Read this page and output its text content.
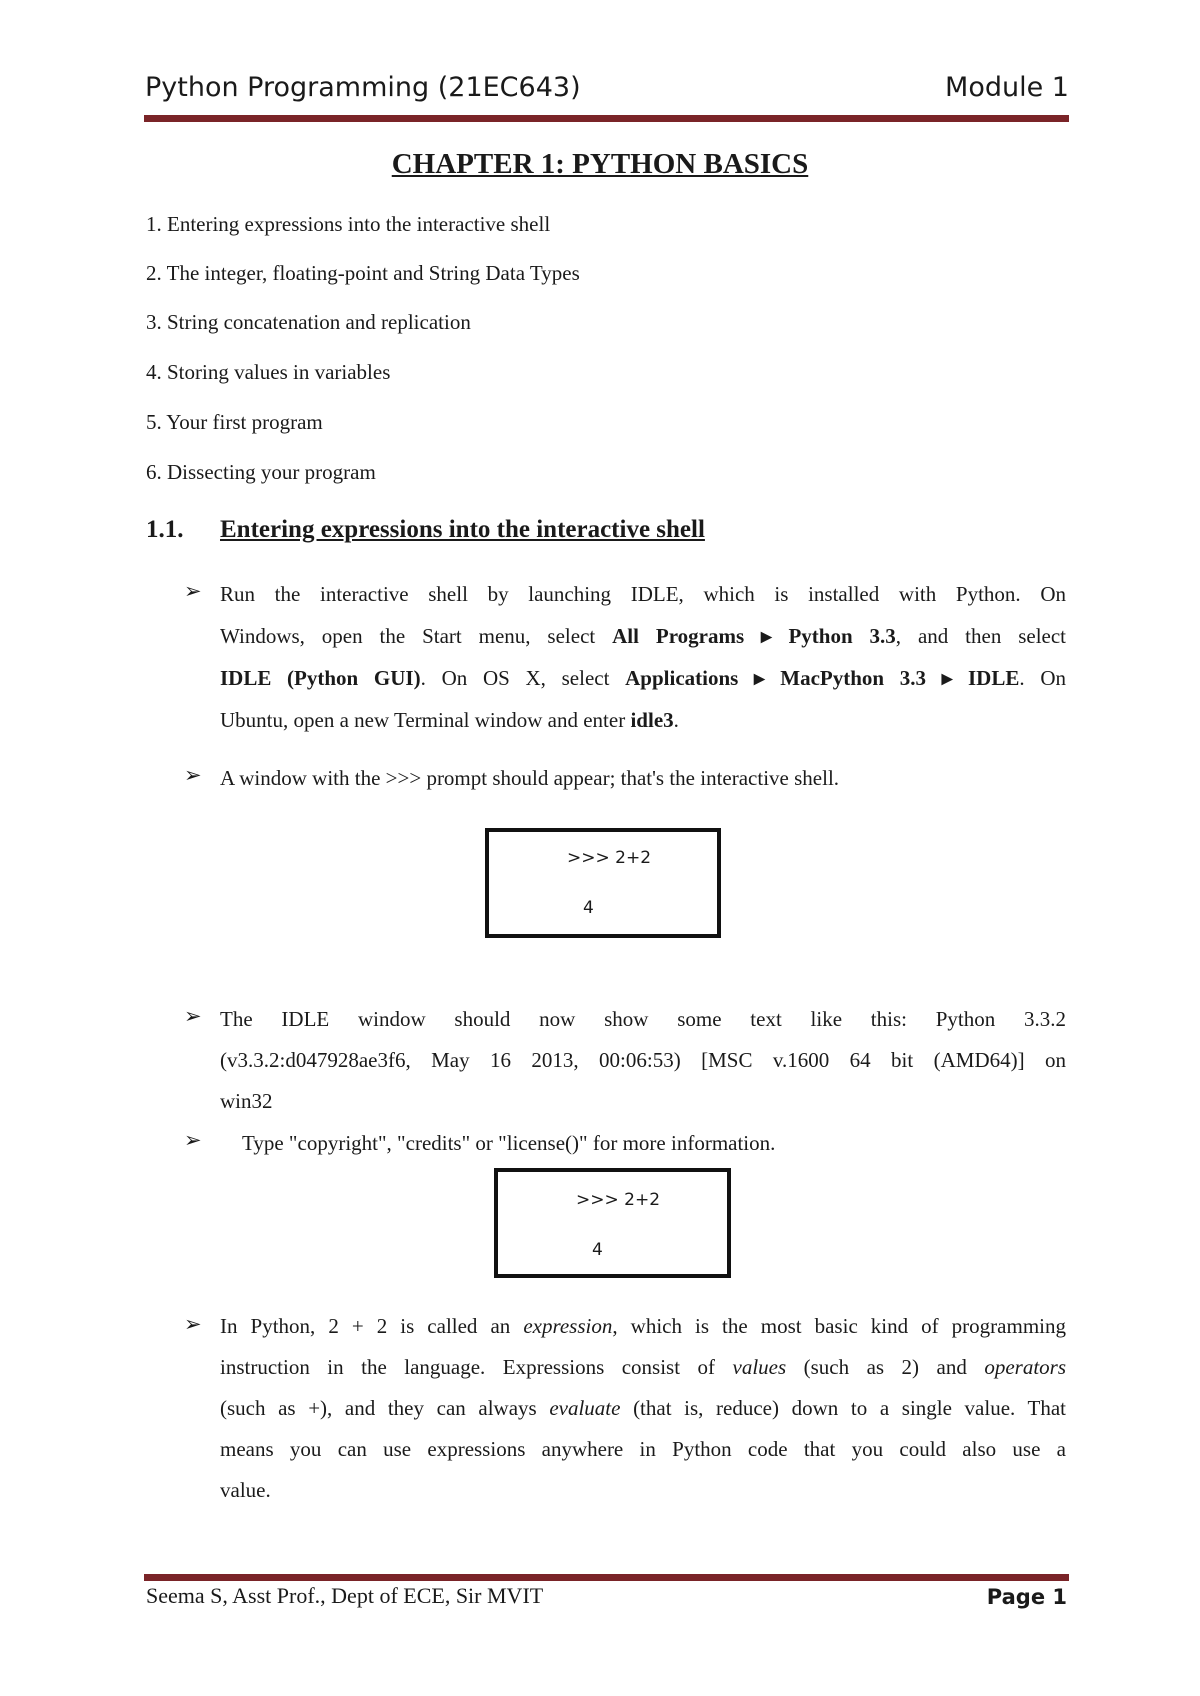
Python Programming (21EC643)	Module 1
CHAPTER 1: PYTHON BASICS
1. Entering expressions into the interactive shell
2. The integer, floating-point and String Data Types
3. String concatenation and replication
4. Storing values in variables
5. Your first program
6. Dissecting your program
1.1. Entering expressions into the interactive shell
➢ Run the interactive shell by launching IDLE, which is installed with Python. On
Windows, open the Start menu, select All Programs ▸ Python 3.3, and then select
IDLE (Python GUI). On OS X, select Applications ▸ MacPython 3.3 ▸ IDLE. On
Ubuntu, open a new Terminal window and enter idle3.
➢ A window with the >>> prompt should appear; that's the interactive shell.
>>> 2+2
4
➢ The IDLE window should now show some text like this: Python 3.3.2
(v3.3.2:d047928ae3f6, May 16 2013, 00:06:53) [MSC v.1600 64 bit (AMD64)] on
win32
➢ Type "copyright", "credits" or "license()" for more information.
>>> 2+2
4
➢ In Python, 2 + 2 is called an expression, which is the most basic kind of programming
instruction in the language. Expressions consist of values (such as 2) and operators
(such as +), and they can always evaluate (that is, reduce) down to a single value. That
means you can use expressions anywhere in Python code that you could also use a
value.
Seema S, Asst Prof., Dept of ECE, Sir MVIT	Page 1
